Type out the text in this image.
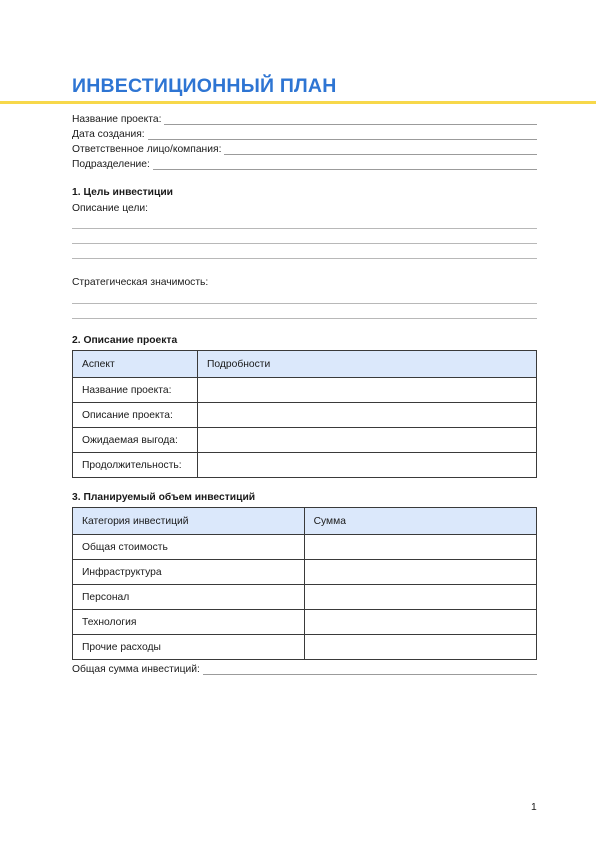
ИНВЕСТИЦИОННЫЙ ПЛАН
Название проекта:
Дата создания:
Ответственное лицо/компания:
Подразделение:
1. Цель инвестиции
Описание цели:
Стратегическая значимость:
2. Описание проекта
Аспект	Подробности
Название проекта:	
Описание проекта:	
Ожидаемая выгода:	
Продолжительность:	
3. Планируемый объем инвестиций
Категория инвестиций	Сумма
Общая стоимость	
Инфраструктура	
Персонал	
Технология	
Прочие расходы	
Общая сумма инвестиций:
1
